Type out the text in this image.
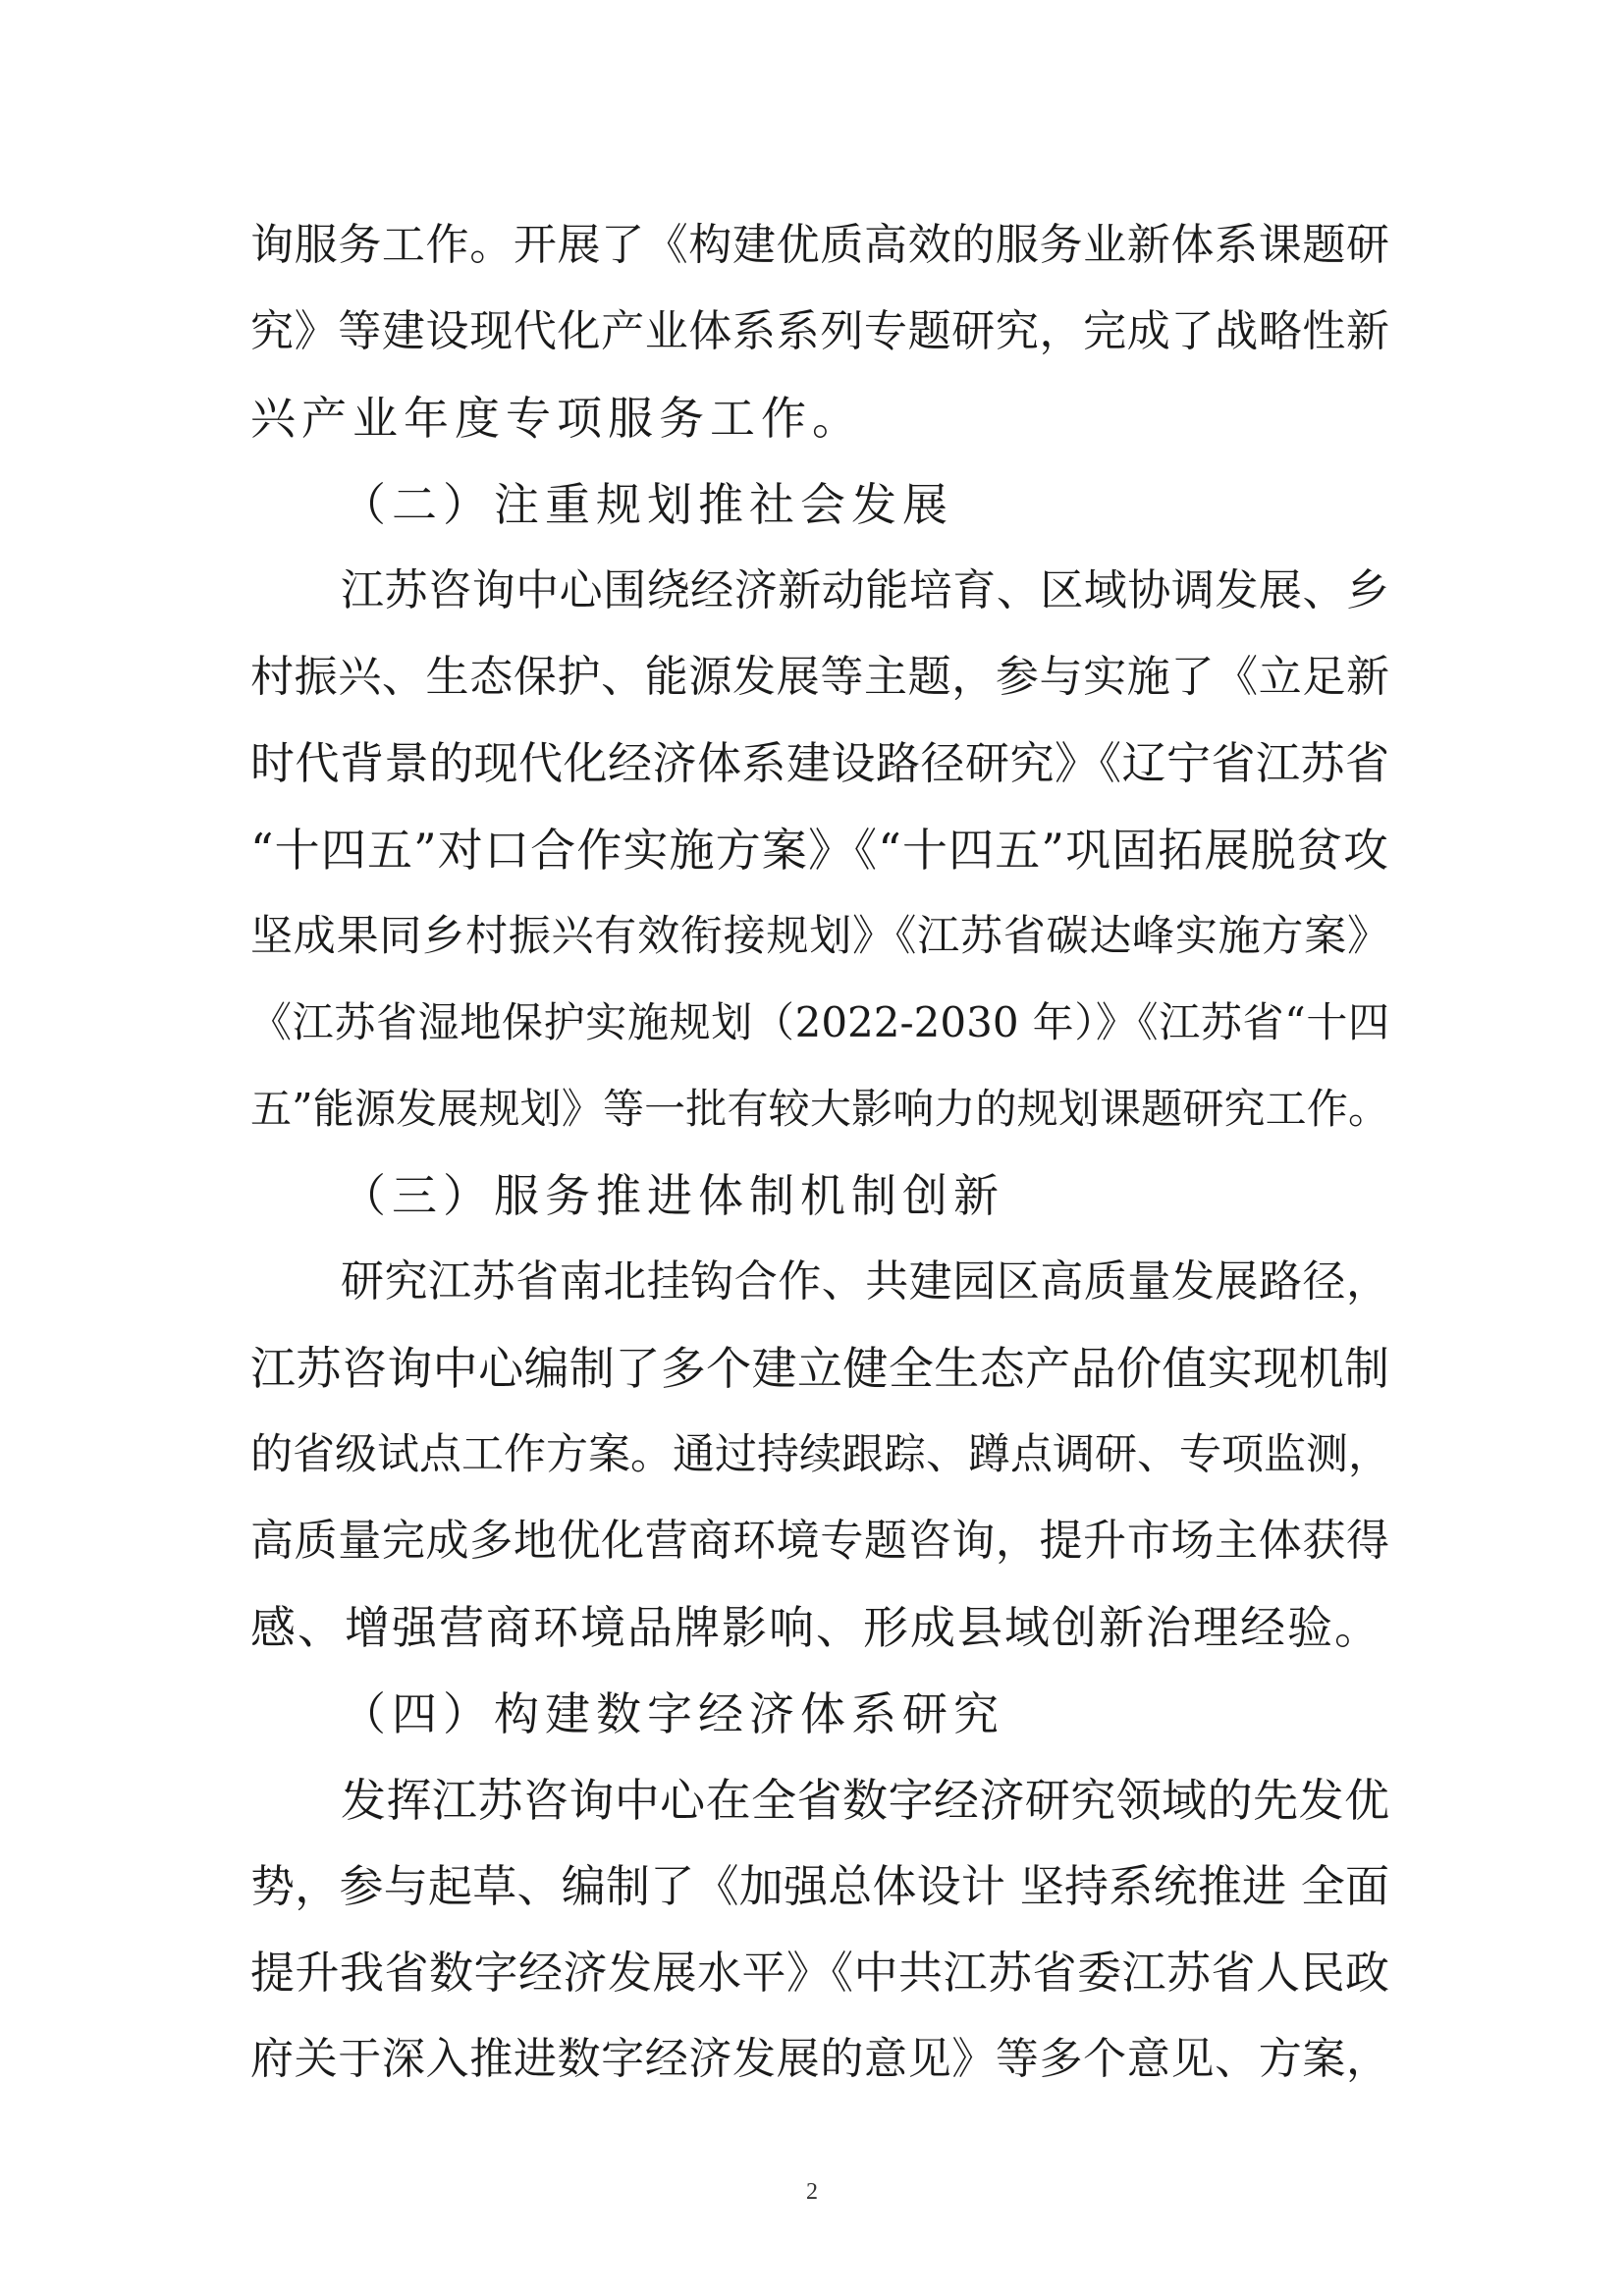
询服务工作。开展了《构建优质高效的服务业新体系课题研
究》等建设现代化产业体系系列专题研究，完成了战略性新
兴产业年度专项服务工作。
（二）注重规划推社会发展
江苏咨询中心围绕经济新动能培育、区域协调发展、乡
村振兴、生态保护、能源发展等主题，参与实施了《立足新
时代背景的现代化经济体系建设路径研究》《辽宁省江苏省
“十四五”对口合作实施方案》《“十四五”巩固拓展脱贫攻
坚成果同乡村振兴有效衔接规划》《江苏省碳达峰实施方案》
《江苏省湿地保护实施规划（2022-2030 年）》《江苏省“十四
五”能源发展规划》等一批有较大影响力的规划课题研究工作。
（三）服务推进体制机制创新
研究江苏省南北挂钩合作、共建园区高质量发展路径，
江苏咨询中心编制了多个建立健全生态产品价值实现机制
的省级试点工作方案。通过持续跟踪、蹲点调研、专项监测，
高质量完成多地优化营商环境专题咨询，提升市场主体获得
感、增强营商环境品牌影响、形成县域创新治理经验。
（四）构建数字经济体系研究
发挥江苏咨询中心在全省数字经济研究领域的先发优
势，参与起草、编制了《加强总体设计 坚持系统推进 全面
提升我省数字经济发展水平》《中共江苏省委江苏省人民政
府关于深入推进数字经济发展的意见》等多个意见、方案，
2
